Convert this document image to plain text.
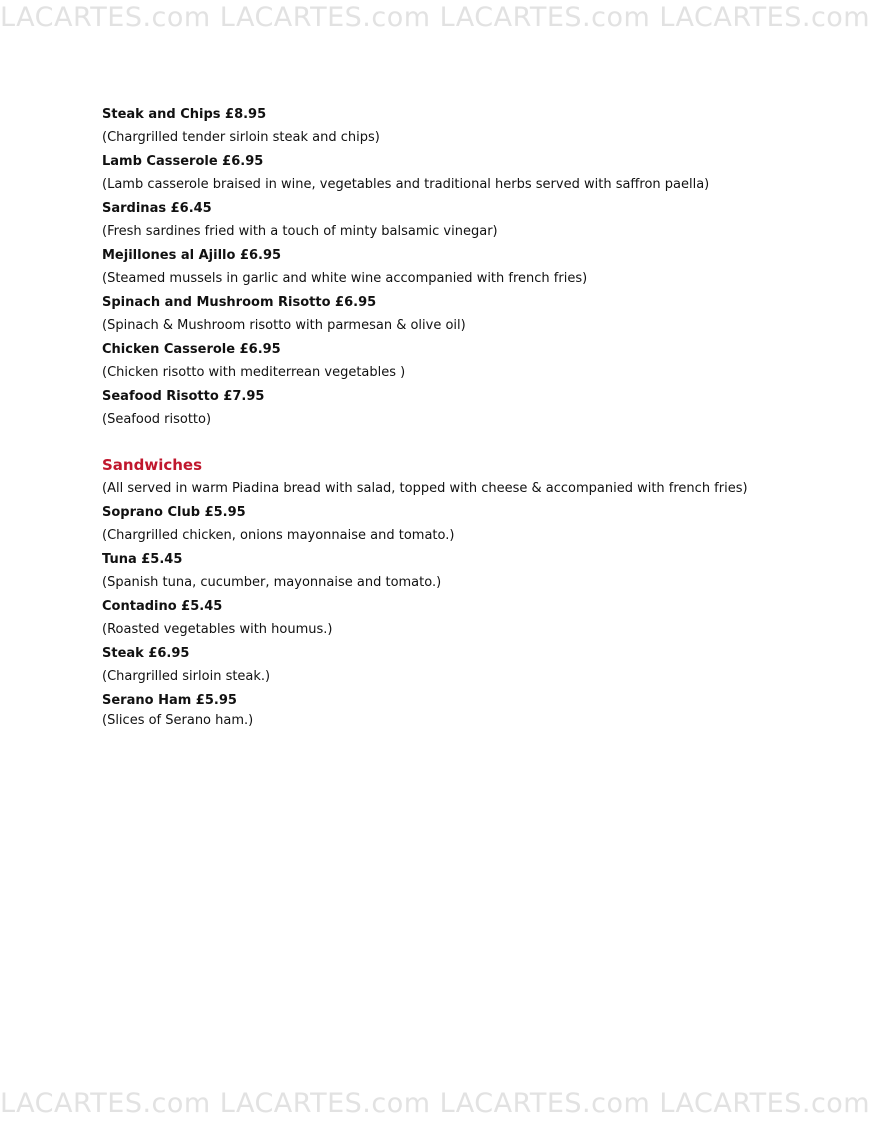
LACARTES.com LACARTES.com LACARTES.com LACARTES.com
Steak and Chips £8.95
(Chargrilled tender sirloin steak and chips)
Lamb Casserole £6.95
(Lamb casserole braised in wine, vegetables and traditional herbs served with saffron paella)
Sardinas £6.45
(Fresh sardines fried with a touch of minty balsamic vinegar)
Mejillones al Ajillo £6.95
(Steamed mussels in garlic and white wine accompanied with french fries)
Spinach and Mushroom Risotto £6.95
(Spinach & Mushroom risotto with parmesan & olive oil)
Chicken Casserole £6.95
(Chicken risotto with mediterrean vegetables )
Seafood Risotto £7.95
(Seafood risotto)
Sandwiches
(All served in warm Piadina bread with salad, topped with cheese & accompanied with french fries)
Soprano Club £5.95
(Chargrilled chicken, onions mayonnaise and tomato.)
Tuna £5.45
(Spanish tuna, cucumber, mayonnaise and tomato.)
Contadino £5.45
(Roasted vegetables with houmus.)
Steak £6.95
(Chargrilled sirloin steak.)
Serano Ham £5.95
(Slices of Serano ham.)
LACARTES.com LACARTES.com LACARTES.com LACARTES.com
